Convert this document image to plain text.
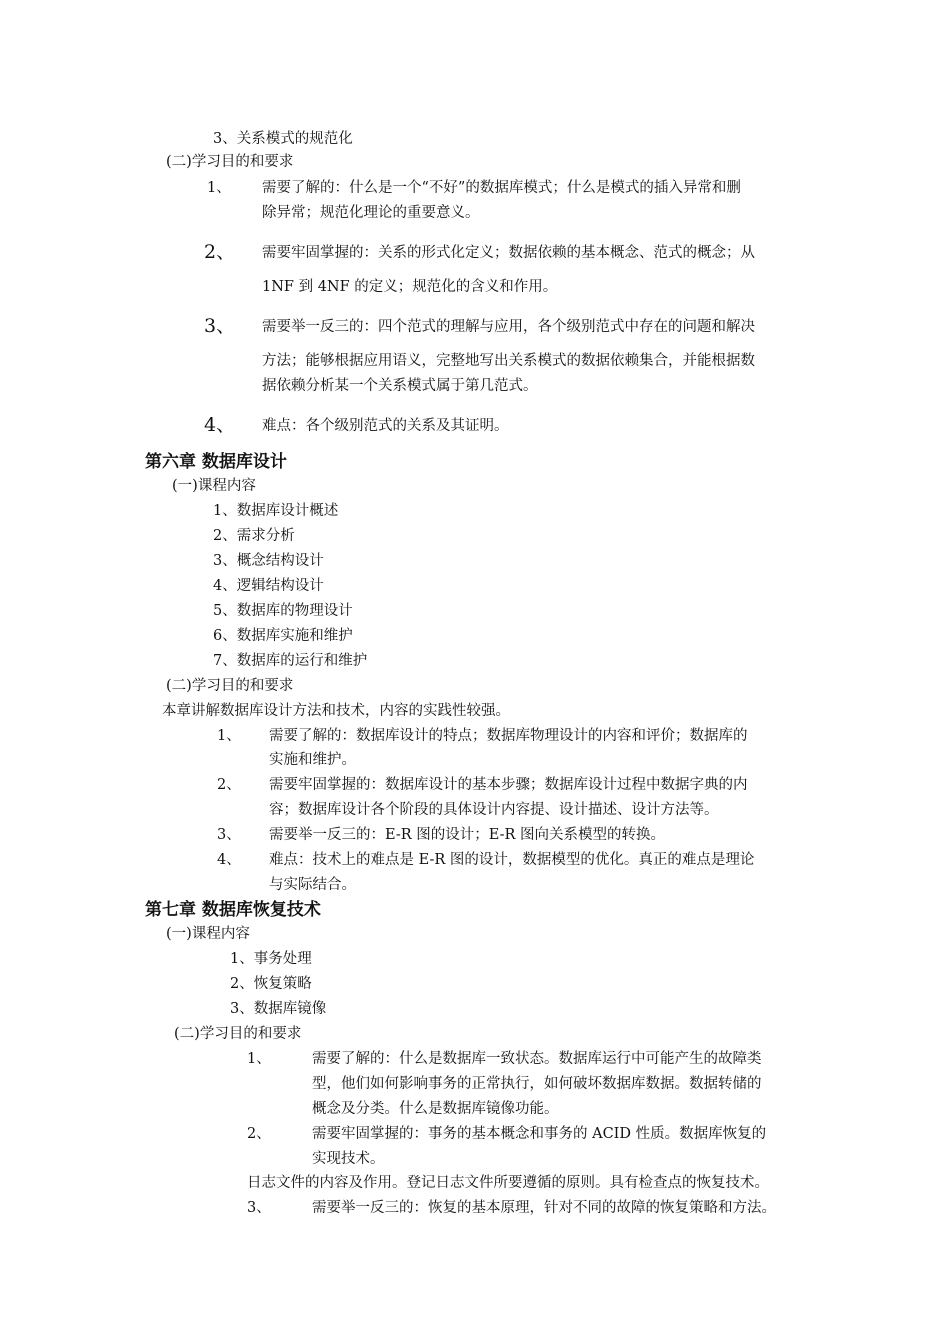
3、关系模式的规范化
(二)学习目的和要求
1、 需要了解的：什么是一个“不好”的数据库模式；什么是模式的插入异常和删
除异常；规范化理论的重要意义。
2、 需要牢固掌握的：关系的形式化定义；数据依赖的基本概念、范式的概念；从
1NF 到 4NF 的定义；规范化的含义和作用。
3、 需要举一反三的：四个范式的理解与应用，各个级别范式中存在的问题和解决
方法；能够根据应用语义，完整地写出关系模式的数据依赖集合，并能根据数
据依赖分析某一个关系模式属于第几范式。
4、 难点：各个级别范式的关系及其证明。
第六章 数据库设计
(一)课程内容
1、数据库设计概述
2、需求分析
3、概念结构设计
4、逻辑结构设计
5、数据库的物理设计
6、数据库实施和维护
7、数据库的运行和维护
(二)学习目的和要求
本章讲解数据库设计方法和技术，内容的实践性较强。
1、 需要了解的：数据库设计的特点；数据库物理设计的内容和评价；数据库的
实施和维护。
2、 需要牢固掌握的：数据库设计的基本步骤；数据库设计过程中数据字典的内
容；数据库设计各个阶段的具体设计内容提、设计描述、设计方法等。
3、 需要举一反三的：E-R 图的设计；E-R 图向关系模型的转换。
4、 难点：技术上的难点是 E-R 图的设计，数据模型的优化。真正的难点是理论
与实际结合。
第七章 数据库恢复技术
(一)课程内容
1、事务处理
2、恢复策略
3、数据库镜像
(二)学习目的和要求
1、	需要了解的：什么是数据库一致状态。数据库运行中可能产生的故障类
型，他们如何影响事务的正常执行，如何破坏数据库数据。数据转储的
概念及分类。什么是数据库镜像功能。
2、	需要牢固掌握的：事务的基本概念和事务的 ACID 性质。数据库恢复的
实现技术。
日志文件的内容及作用。登记日志文件所要遵循的原则。具有检查点的恢复技术。
3、	需要举一反三的：恢复的基本原理，针对不同的故障的恢复策略和方法。
